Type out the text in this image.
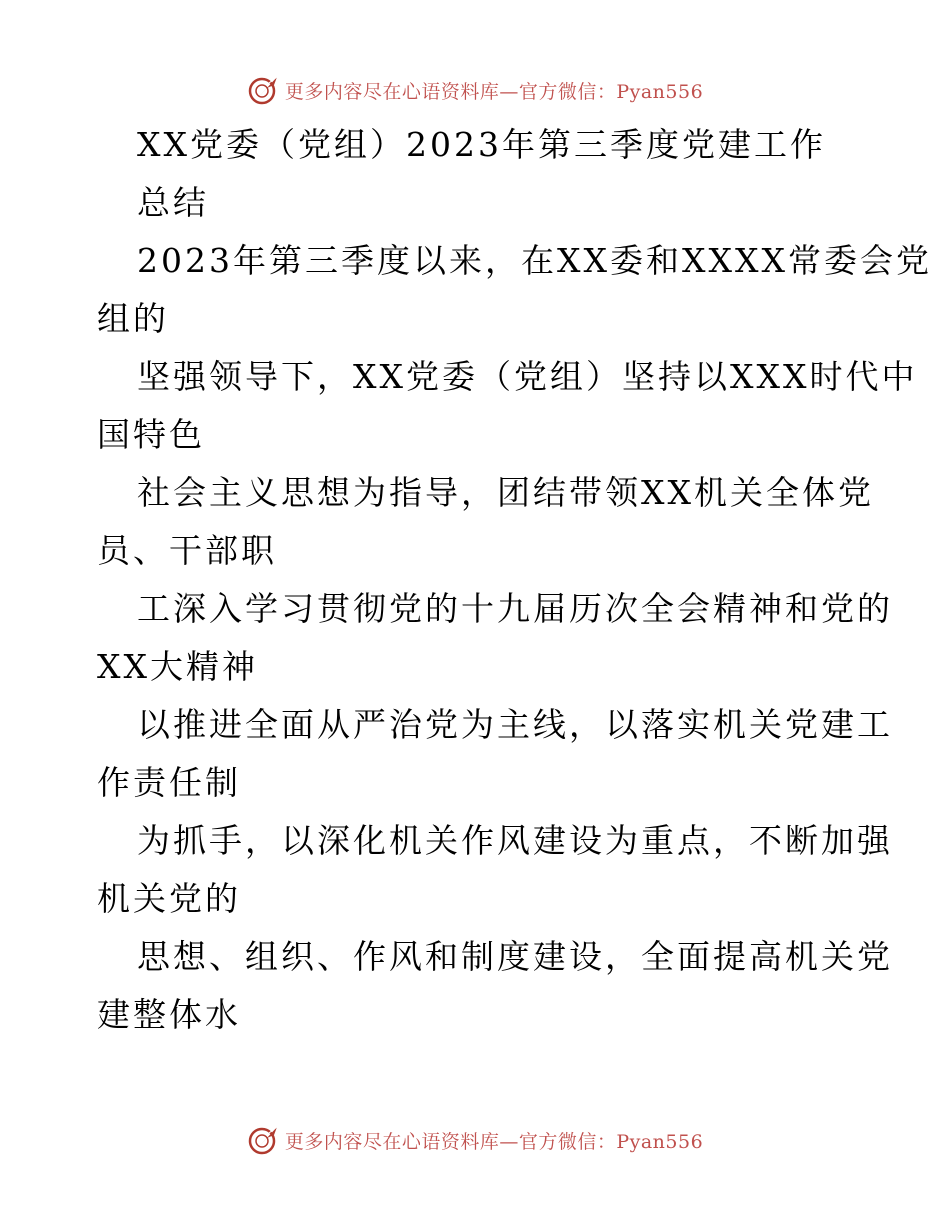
更多内容尽在心语资料库—官方微信：Pyan556
XX党委（党组）2023年第三季度党建工作
总结
2023年第三季度以来，在XX委和XXXX常委会党
组的
坚强领导下，XX党委（党组）坚持以XXX时代中
国特色
社会主义思想为指导，团结带领XX机关全体党
员、干部职
工深入学习贯彻党的十九届历次全会精神和党的
XX大精神
以推进全面从严治党为主线，以落实机关党建工
作责任制
为抓手，以深化机关作风建设为重点，不断加强
机关党的
思想、组织、作风和制度建设，全面提高机关党
建整体水
更多内容尽在心语资料库—官方微信：Pyan556
